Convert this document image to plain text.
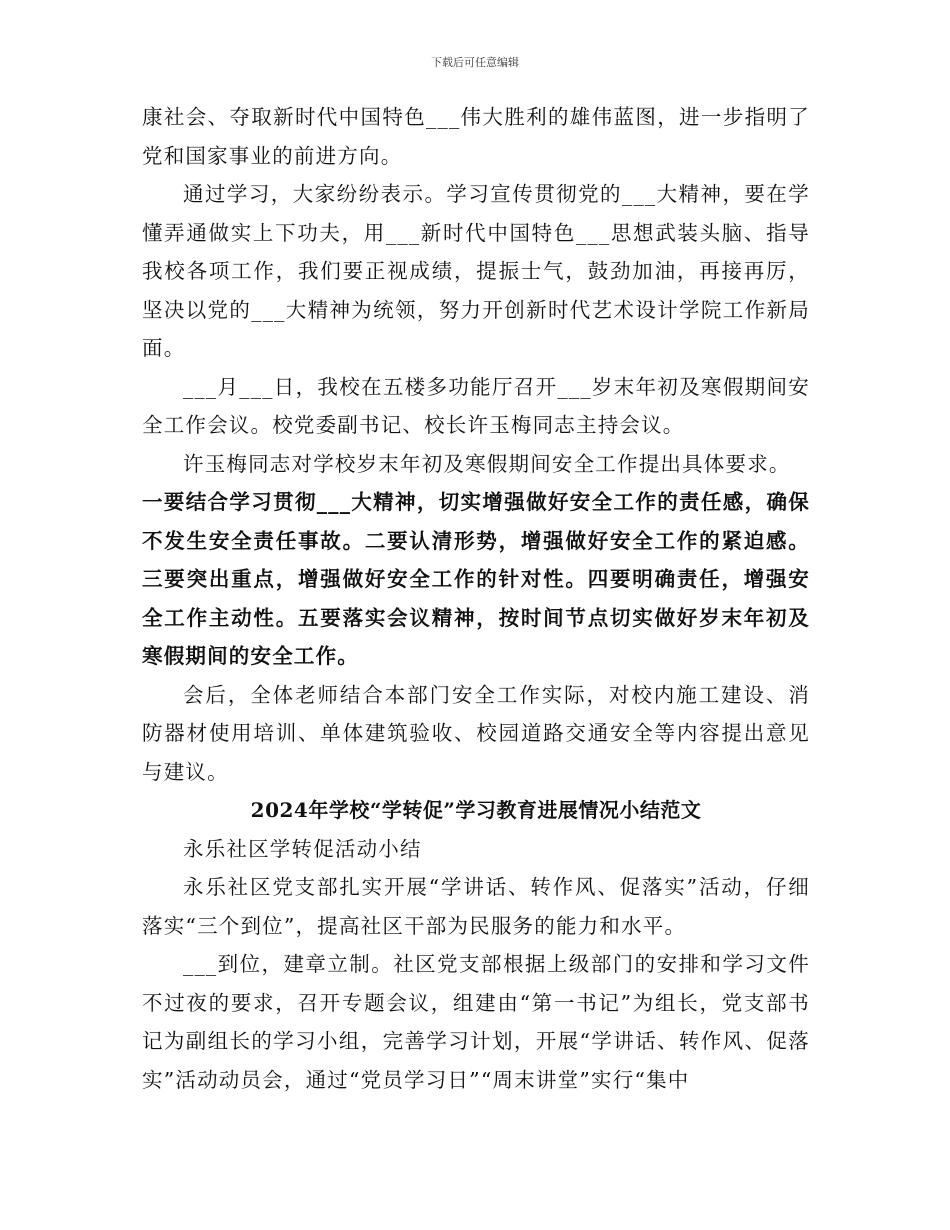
下载后可任意编辑

康社会、夺取新时代中国特色___伟大胜利的雄伟蓝图，进一步指明了党和国家事业的前进方向。

通过学习，大家纷纷表示。学习宣传贯彻党的___大精神，要在学懂弄通做实上下功夫，用___新时代中国特色___思想武装头脑、指导我校各项工作，我们要正视成绩，提振士气，鼓劲加油，再接再厉，坚决以党的___大精神为统领，努力开创新时代艺术设计学院工作新局面。

___月___日，我校在五楼多功能厅召开___岁末年初及寒假期间安全工作会议。校党委副书记、校长许玉梅同志主持会议。

许玉梅同志对学校岁末年初及寒假期间安全工作提出具体要求。

一要结合学习贯彻___大精神，切实增强做好安全工作的责任感，确保不发生安全责任事故。二要认清形势，增强做好安全工作的紧迫感。三要突出重点，增强做好安全工作的针对性。四要明确责任，增强安全工作主动性。五要落实会议精神，按时间节点切实做好岁末年初及寒假期间的安全工作。

会后，全体老师结合本部门安全工作实际，对校内施工建设、消防器材使用培训、单体建筑验收、校园道路交通安全等内容提出意见与建议。

2024年学校“学转促”学习教育进展情况小结范文

永乐社区学转促活动小结

永乐社区党支部扎实开展“学讲话、转作风、促落实”活动，仔细落实“三个到位”，提高社区干部为民服务的能力和水平。

___到位，建章立制。社区党支部根据上级部门的安排和学习文件不过夜的要求，召开专题会议，组建由“第一书记”为组长，党支部书记为副组长的学习小组，完善学习计划，开展“学讲话、转作风、促落实”活动动员会，通过“党员学习日”“周末讲堂”实行“集中
